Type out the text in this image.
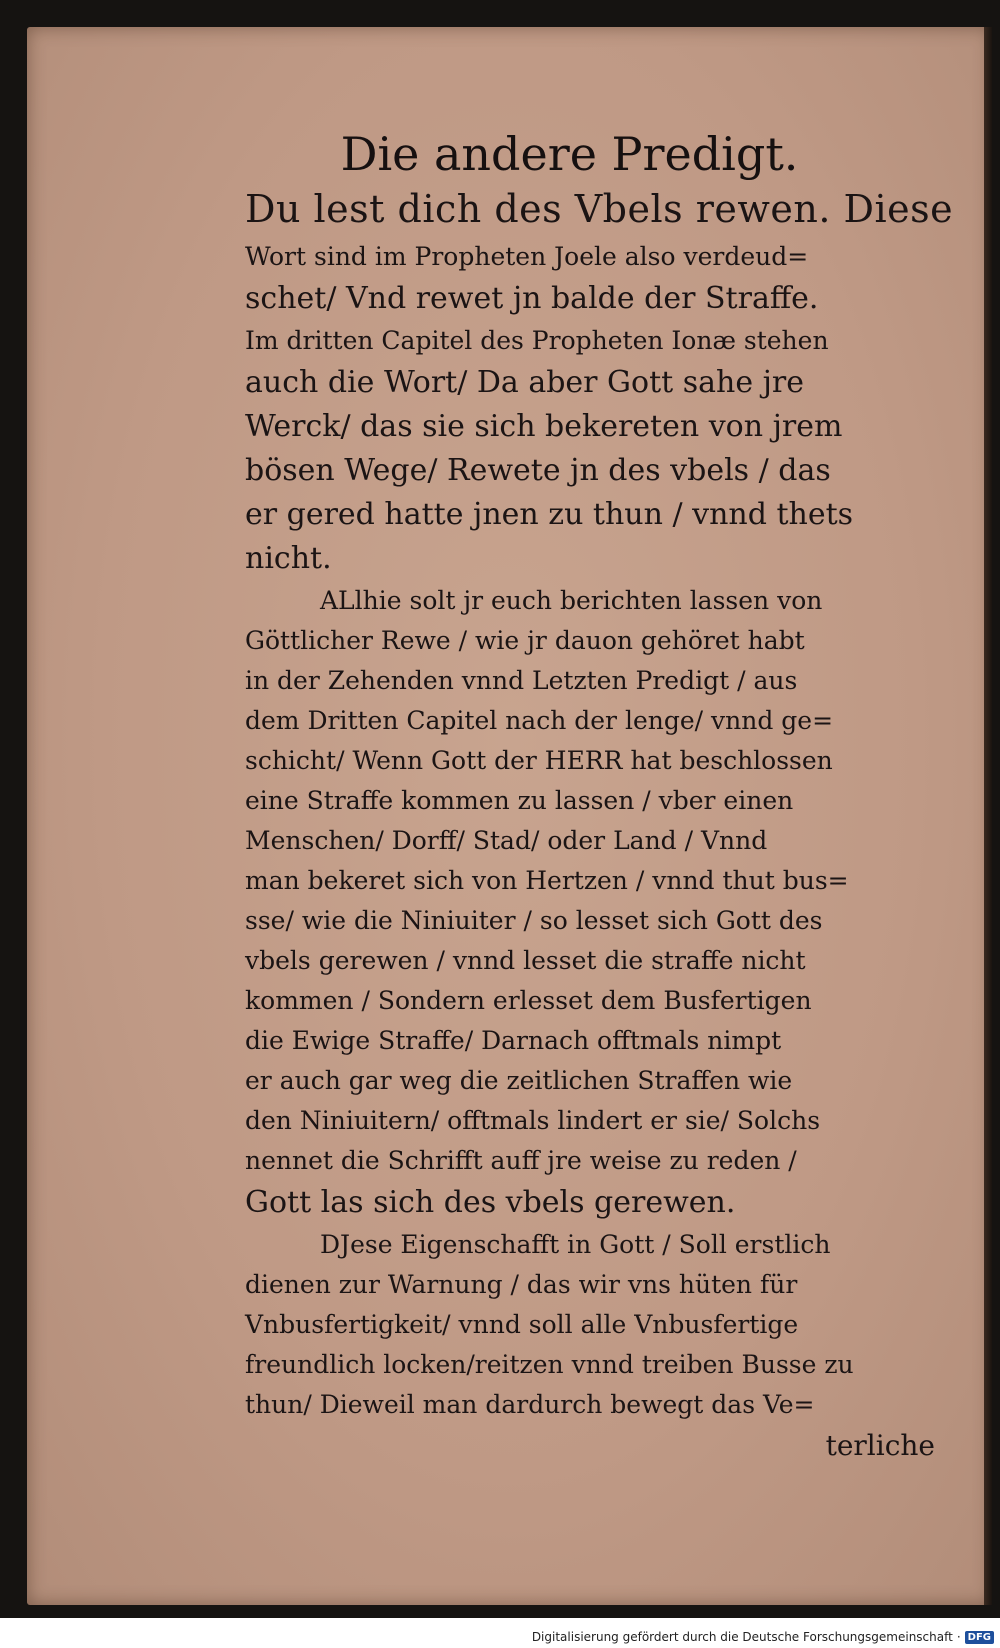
Die andere Predigt.

Du lest dich des Vbels rewen. Diese

Wort sind im Propheten Joele also verdeud=

schet/ Vnd rewet jn balde der Straffe.

Im dritten Capitel des Propheten Ionæ stehen

auch die Wort/ Da aber Gott sahe jre

Werck/ das sie sich bekereten von jrem

bösen Wege/ Rewete jn des vbels / das

er gered hatte jnen zu thun / vnnd thets

nicht.

ALlhie solt jr euch berichten lassen von

Göttlicher Rewe / wie jr dauon gehöret habt

in der Zehenden vnnd Letzten Predigt / aus

dem Dritten Capitel nach der lenge/ vnnd ge=

schicht/ Wenn Gott der HERR hat beschlossen

eine Straffe kommen zu lassen / vber einen

Menschen/ Dorff/ Stad/ oder Land / Vnnd

man bekeret sich von Hertzen / vnnd thut bus=

sse/ wie die Niniuiter / so lesset sich Gott des

vbels gerewen / vnnd lesset die straffe nicht

kommen / Sondern erlesset dem Busfertigen

die Ewige Straffe/ Darnach offtmals nimpt

er auch gar weg die zeitlichen Straffen wie

den Niniuitern/ offtmals lindert er sie/ Solchs

nennet die Schrifft auff jre weise zu reden /

Gott las sich des vbels gerewen.

DJese Eigenschafft in Gott / Soll erstlich

dienen zur Warnung / das wir vns hüten für

Vnbusfertigkeit/ vnnd soll alle Vnbusfertige

freundlich locken/reitzen vnnd treiben Busse zu

thun/ Dieweil man dardurch bewegt das Ve=

terliche

Digitalisierung gefördert durch die Deutsche Forschungsgemeinschaft · DFG
